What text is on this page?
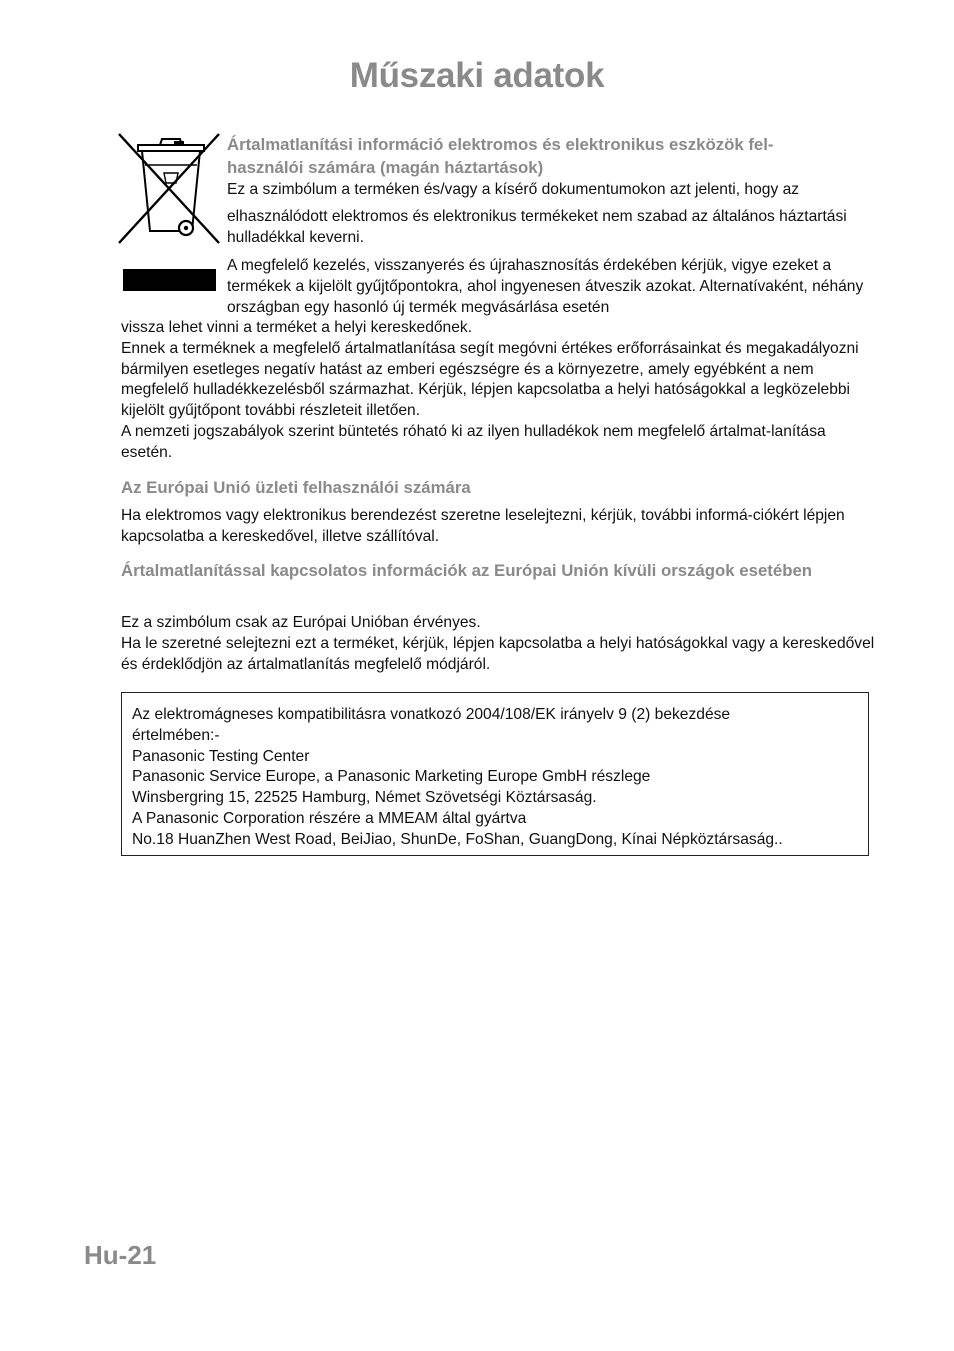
Műszaki adatok

Ártalmatlanítási információ elektromos és elektronikus eszközök fel-

használói számára (magán háztartások)

Ez a szimbólum a terméken és/vagy a kísérő dokumentumokon azt jelenti, hogy az

elhasználódott elektromos és elektronikus termékeket nem szabad az általános háztartási hulladékkal keverni.

A megfelelő kezelés, visszanyerés és újrahasznosítás érdekében kérjük, vigye ezeket a termékek a kijelölt gyűjtőpontokra, ahol ingyenesen átveszik azokat. Alternatívaként, néhány országban egy hasonló új termék megvásárlása esetén

vissza lehet vinni a terméket a helyi kereskedőnek.

Ennek a terméknek a megfelelő ártalmatlanítása segít megóvni értékes erőforrásainkat és megakadályozni bármilyen esetleges negatív hatást az emberi egészségre és a környezetre, amely egyébként a nem megfelelő hulladékkezelésből származhat. Kérjük, lépjen kapcsolatba a helyi hatóságokkal a legközelebbi kijelölt gyűjtőpont további részleteit illetően.

A nemzeti jogszabályok szerint büntetés róható ki az ilyen hulladékok nem megfelelő ártalmat-lanítása esetén.

Az Európai Unió üzleti felhasználói számára

Ha elektromos vagy elektronikus berendezést szeretne leselejtezni, kérjük, további informá-ciókért lépjen kapcsolatba a kereskedővel, illetve szállítóval.

Ártalmatlanítással kapcsolatos információk az Európai Unión kívüli országok esetében

Ez a szimbólum csak az Európai Unióban érvényes.

Ha le szeretné selejtezni ezt a terméket, kérjük, lépjen kapcsolatba a helyi hatóságokkal vagy a kereskedővel és érdeklődjön az ártalmatlanítás megfelelő módjáról.

Az elektromágneses kompatibilitásra vonatkozó 2004/108/EK irányelv 9 (2) bekezdése

értelmében:-

Panasonic Testing Center

Panasonic Service Europe, a Panasonic Marketing Europe GmbH részlege

Winsbergring 15, 22525 Hamburg, Német Szövetségi Köztársaság.

A Panasonic Corporation részére a MMEAM által gyártva

No.18 HuanZhen West Road, BeiJiao, ShunDe, FoShan, GuangDong, Kínai Népköztársaság..

Hu-21
